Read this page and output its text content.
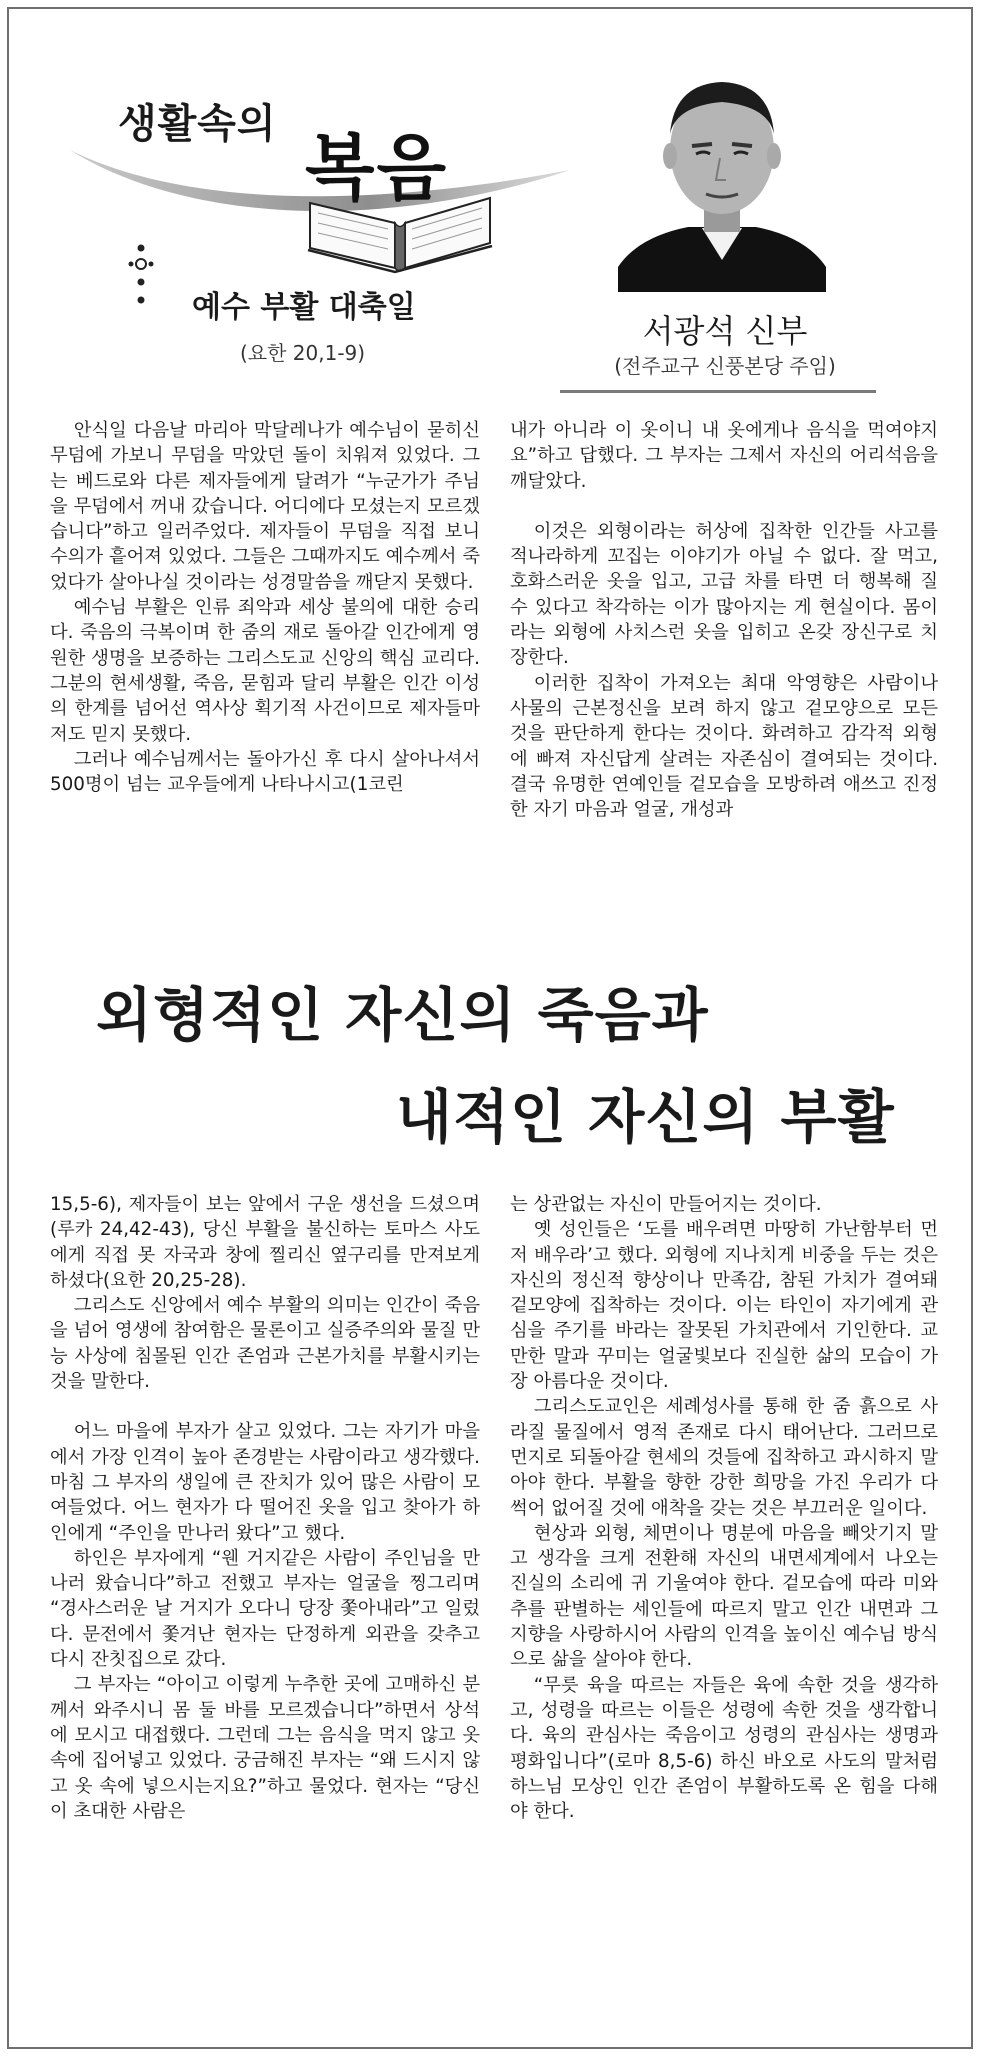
생활속의
복음
예수 부활 대축일
(요한 20,1-9)
서광석 신부
(전주교구 신풍본당 주임)

안식일 다음날 마리아 막달레나가 예수님이 묻히신 무덤에 가보니 무덤을 막았던 돌이 치워져 있었다. 그는 베드로와 다른 제자들에게 달려가 “누군가가 주님을 무덤에서 꺼내 갔습니다. 어디에다 모셨는지 모르겠습니다”하고 일러주었다. 제자들이 무덤을 직접 보니 수의가 흩어져 있었다. 그들은 그때까지도 예수께서 죽었다가 살아나실 것이라는 성경말씀을 깨닫지 못했다.

예수님 부활은 인류 죄악과 세상 불의에 대한 승리다. 죽음의 극복이며 한 줌의 재로 돌아갈 인간에게 영원한 생명을 보증하는 그리스도교 신앙의 핵심 교리다. 그분의 현세생활, 죽음, 묻힘과 달리 부활은 인간 이성의 한계를 넘어선 역사상 획기적 사건이므로 제자들마저도 믿지 못했다.

그러나 예수님께서는 돌아가신 후 다시 살아나셔서 500명이 넘는 교우들에게 나타나시고(1코린

내가 아니라 이 옷이니 내 옷에게나 음식을 먹여야지요”하고 답했다. 그 부자는 그제서 자신의 어리석음을 깨달았다.

이것은 외형이라는 허상에 집착한 인간들 사고를 적나라하게 꼬집는 이야기가 아닐 수 없다. 잘 먹고, 호화스러운 옷을 입고, 고급 차를 타면 더 행복해 질 수 있다고 착각하는 이가 많아지는 게 현실이다. 몸이라는 외형에 사치스런 옷을 입히고 온갖 장신구로 치장한다.

이러한 집착이 가져오는 최대 악영향은 사람이나 사물의 근본정신을 보려 하지 않고 겉모양으로 모든 것을 판단하게 한다는 것이다. 화려하고 감각적 외형에 빠져 자신답게 살려는 자존심이 결여되는 것이다. 결국 유명한 연예인들 겉모습을 모방하려 애쓰고 진정한 자기 마음과 얼굴, 개성과

외형적인 자신의 죽음과
내적인 자신의 부활

15,5-6), 제자들이 보는 앞에서 구운 생선을 드셨으며(루카 24,42-43), 당신 부활을 불신하는 토마스 사도에게 직접 못 자국과 창에 찔리신 옆구리를 만져보게 하셨다(요한 20,25-28).

그리스도 신앙에서 예수 부활의 의미는 인간이 죽음을 넘어 영생에 참여함은 물론이고 실증주의와 물질 만능 사상에 침몰된 인간 존엄과 근본가치를 부활시키는 것을 말한다.

어느 마을에 부자가 살고 있었다. 그는 자기가 마을에서 가장 인격이 높아 존경받는 사람이라고 생각했다. 마침 그 부자의 생일에 큰 잔치가 있어 많은 사람이 모여들었다. 어느 현자가 다 떨어진 옷을 입고 찾아가 하인에게 “주인을 만나러 왔다”고 했다.

하인은 부자에게 “웬 거지같은 사람이 주인님을 만나러 왔습니다”하고 전했고 부자는 얼굴을 찡그리며 “경사스러운 날 거지가 오다니 당장 쫓아내라”고 일렀다. 문전에서 쫓겨난 현자는 단정하게 외관을 갖추고 다시 잔칫집으로 갔다.

그 부자는 “아이고 이렇게 누추한 곳에 고매하신 분께서 와주시니 몸 둘 바를 모르겠습니다”하면서 상석에 모시고 대접했다. 그런데 그는 음식을 먹지 않고 옷 속에 집어넣고 있었다. 궁금해진 부자는 “왜 드시지 않고 옷 속에 넣으시는지요?”하고 물었다. 현자는 “당신이 초대한 사람은

는 상관없는 자신이 만들어지는 것이다.

옛 성인들은 ‘도를 배우려면 마땅히 가난함부터 먼저 배우라’고 했다. 외형에 지나치게 비중을 두는 것은 자신의 정신적 향상이나 만족감, 참된 가치가 결여돼 겉모양에 집착하는 것이다. 이는 타인이 자기에게 관심을 주기를 바라는 잘못된 가치관에서 기인한다. 교만한 말과 꾸미는 얼굴빛보다 진실한 삶의 모습이 가장 아름다운 것이다.

그리스도교인은 세례성사를 통해 한 줌 흙으로 사라질 물질에서 영적 존재로 다시 태어난다. 그러므로 먼지로 되돌아갈 현세의 것들에 집착하고 과시하지 말아야 한다. 부활을 향한 강한 희망을 가진 우리가 다 썩어 없어질 것에 애착을 갖는 것은 부끄러운 일이다.

현상과 외형, 체면이나 명분에 마음을 빼앗기지 말고 생각을 크게 전환해 자신의 내면세계에서 나오는 진실의 소리에 귀 기울여야 한다. 겉모습에 따라 미와 추를 판별하는 세인들에 따르지 말고 인간 내면과 그 지향을 사랑하시어 사람의 인격을 높이신 예수님 방식으로 삶을 살아야 한다.

“무릇 육을 따르는 자들은 육에 속한 것을 생각하고, 성령을 따르는 이들은 성령에 속한 것을 생각합니다. 육의 관심사는 죽음이고 성령의 관심사는 생명과 평화입니다”(로마 8,5-6) 하신 바오로 사도의 말처럼 하느님 모상인 인간 존엄이 부활하도록 온 힘을 다해야 한다.
